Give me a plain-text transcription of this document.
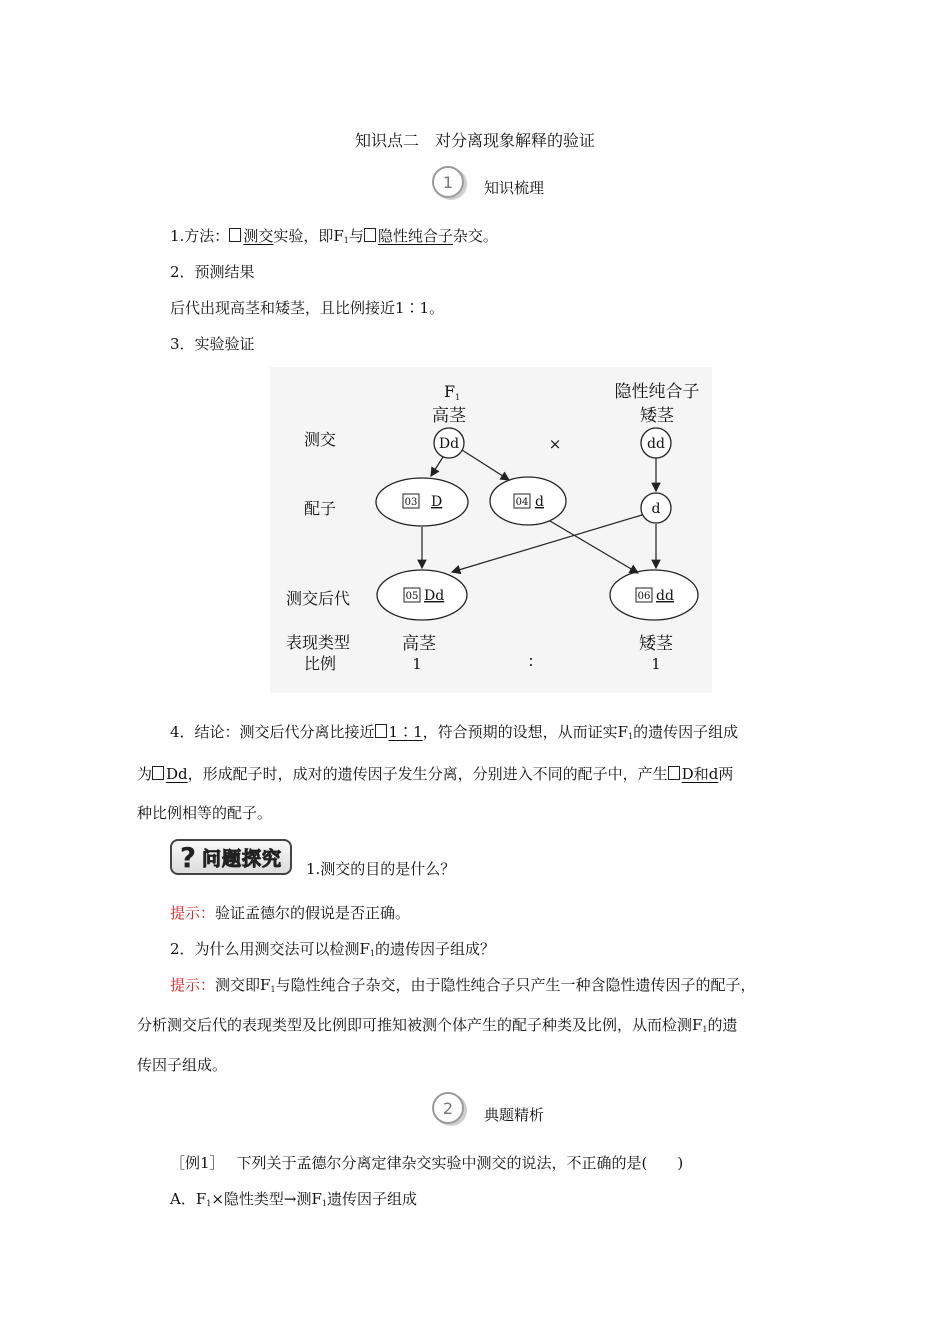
知识点二　对分离现象解释的验证
1	知识梳理
1.方法： 测交实验，即$F_1$与 隐性纯合子杂交。
2．预测结果
后代出现高茎和矮茎，且比例接近1∶1。
3．实验验证
F1	隐性纯合子
高茎	矮茎
测交
配子
测交后代
表现类型
比例
Dd	×	dd
03 D	04 d	d
05 Dd	06 dd
高茎	矮茎
1	∶	1
4．结论：测交后代分离比接近 1∶1，符合预期的设想，从而证实$F_1$的遗传因子组成
为 Dd，形成配子时，成对的遗传因子发生分离，分别进入不同的配子中，产生 D和d两
种比例相等的配子。
? 问题探究 1.测交的目的是什么？
提示：验证孟德尔的假说是否正确。
2．为什么用测交法可以检测$F_1$的遗传因子组成？
提示：测交即$F_1$与隐性纯合子杂交，由于隐性纯合子只产生一种含隐性遗传因子的配子，
分析测交后代的表现类型及比例即可推知被测个体产生的配子种类及比例，从而检测$F_1$的遗
传因子组成。
2	典题精析
［例1］ 下列关于孟德尔分离定律杂交实验中测交的说法，不正确的是(　　)
A．$F_1\times$隐性类型→测$F_1$遗传因子组成
